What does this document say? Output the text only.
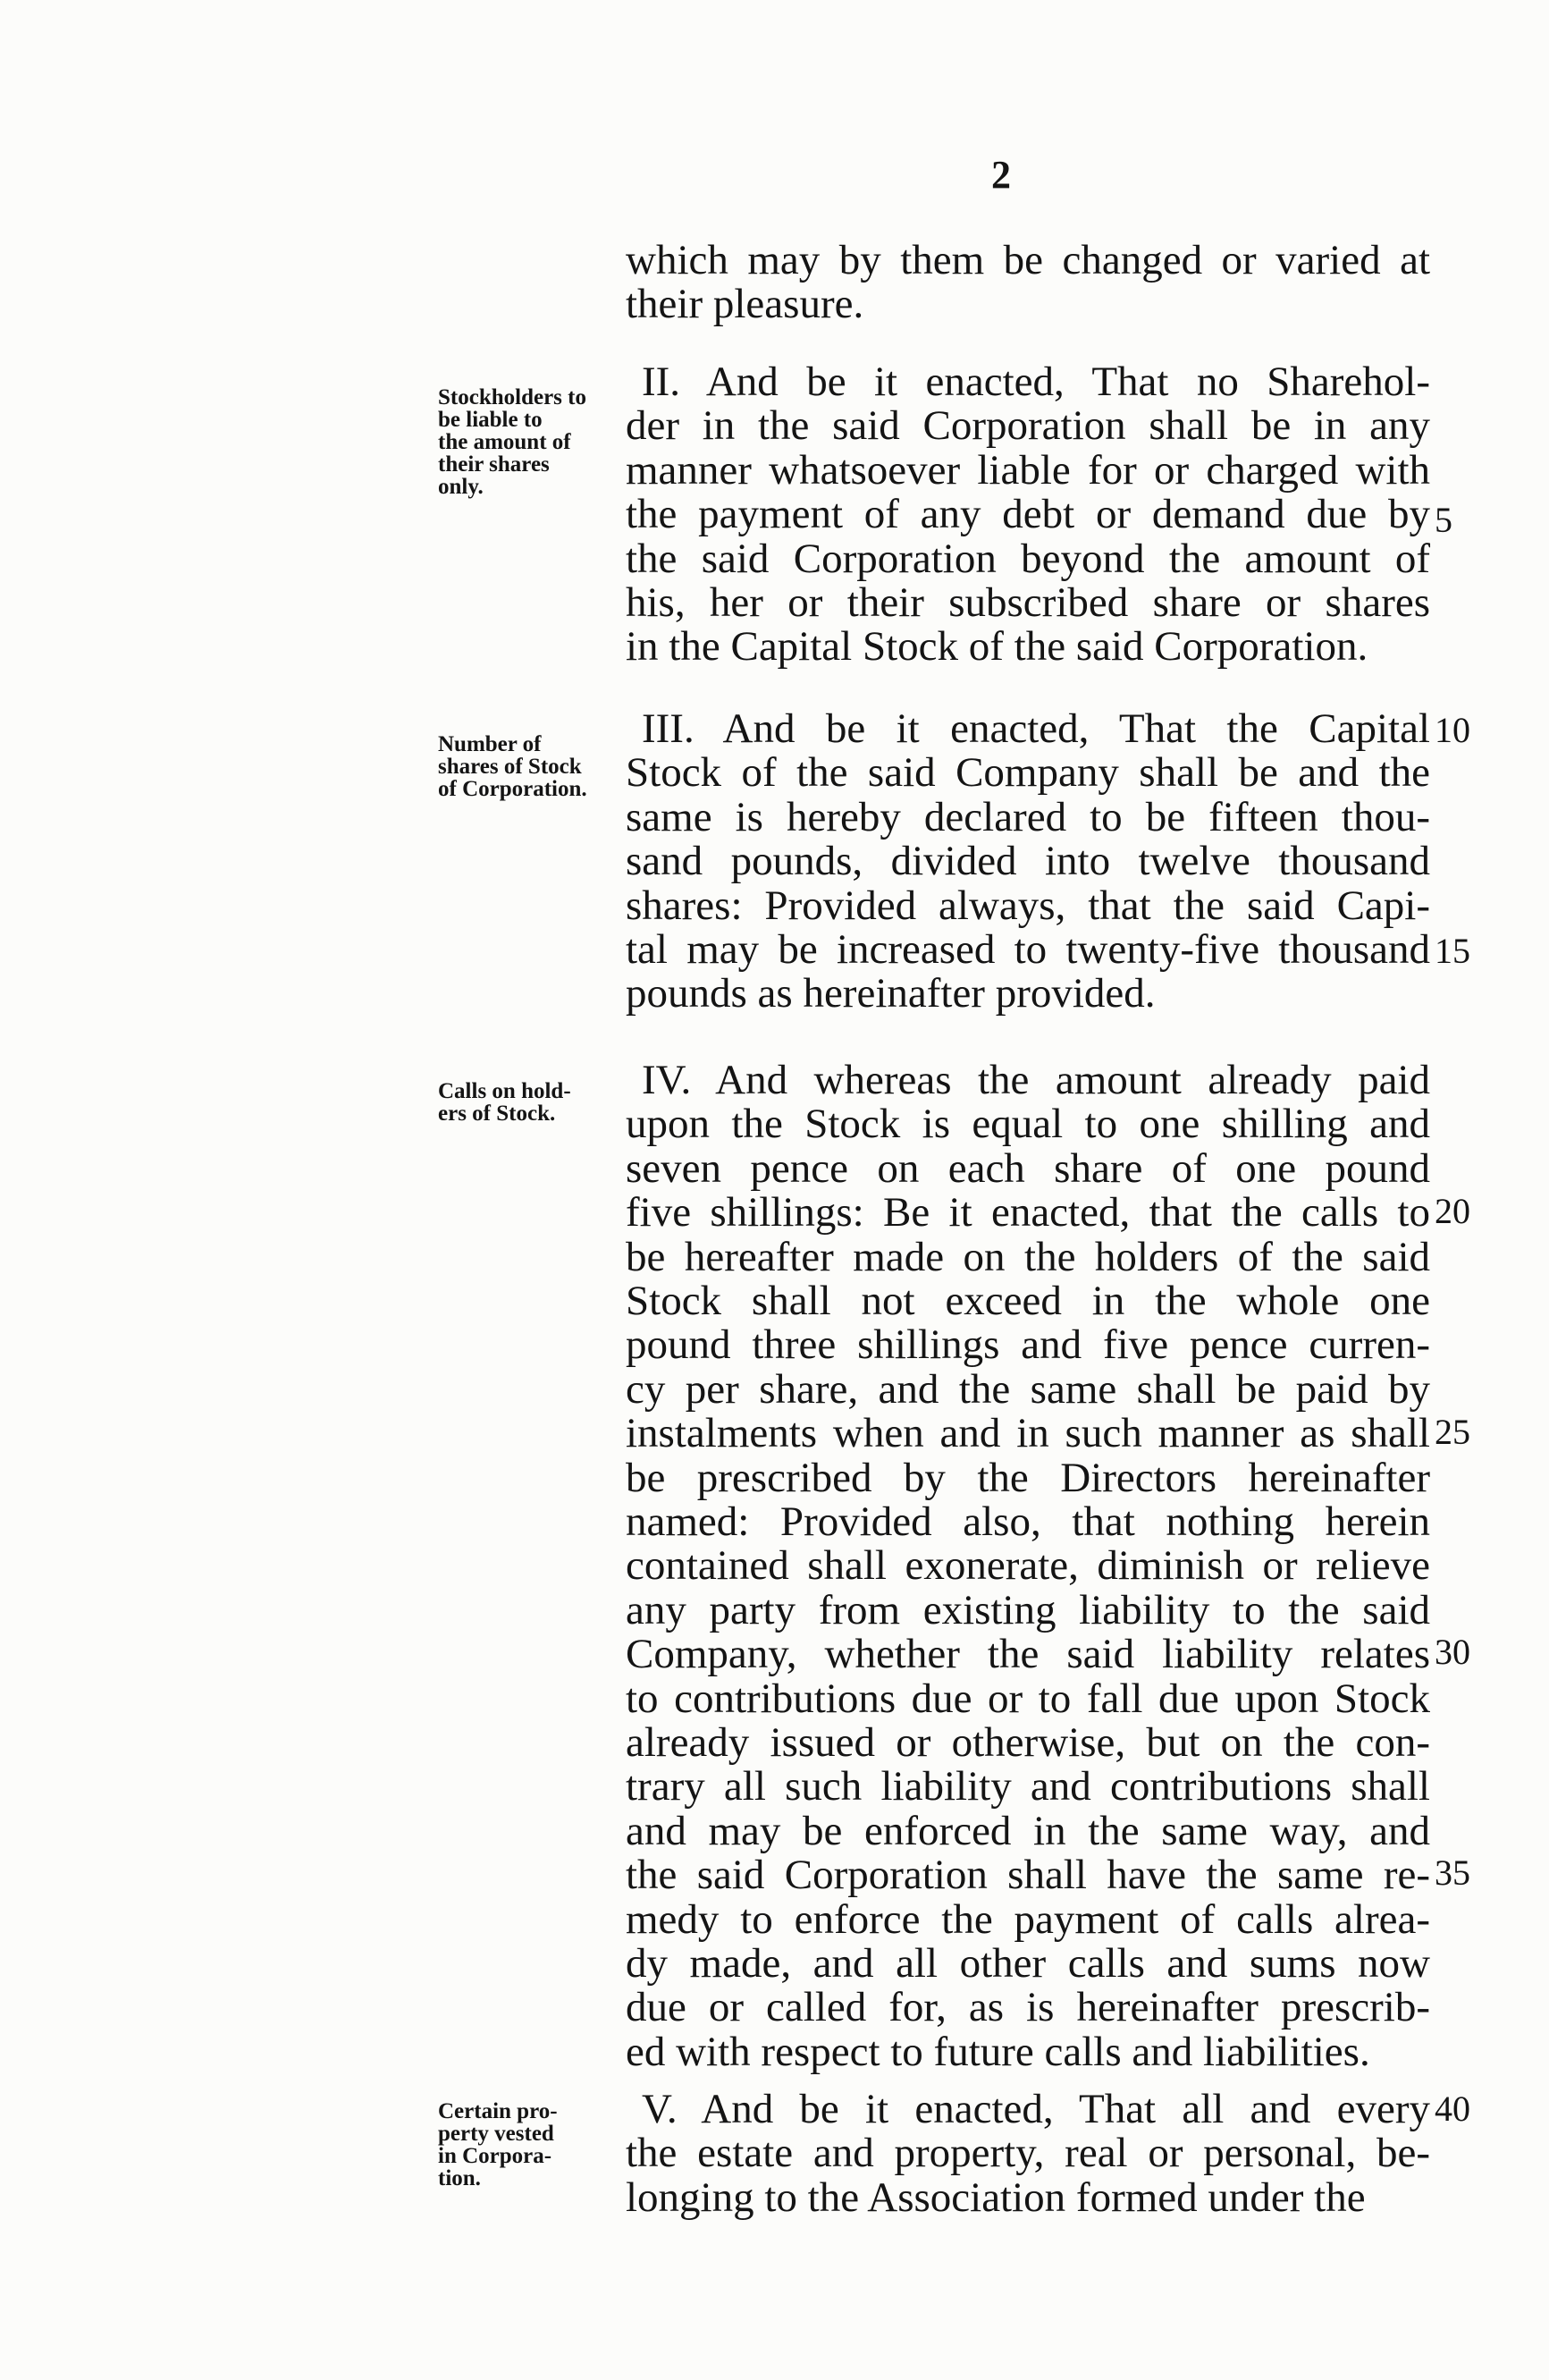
2
which may by them be changed or varied at
their pleasure.
II. And be it enacted, That no Sharehol-
der in the said Corporation shall be in any
manner whatsoever liable for or charged with
the payment of any debt or demand due by
the said Corporation beyond the amount of
his, her or their subscribed share or shares
in the Capital Stock of the said Corporation.
Stockholders to
be liable to
the amount of
their shares
only.
III. And be it enacted, That the Capital
Stock of the said Company shall be and the
same is hereby declared to be fifteen thou-
sand pounds, divided into twelve thousand
shares: Provided always, that the said Capi-
tal may be increased to twenty-five thousand
pounds as hereinafter provided.
Number of
shares of Stock
of Corporation.
IV. And whereas the amount already paid
upon the Stock is equal to one shilling and
seven pence on each share of one pound
five shillings: Be it enacted, that the calls to
be hereafter made on the holders of the said
Stock shall not exceed in the whole one
pound three shillings and five pence curren-
cy per share, and the same shall be paid by
instalments when and in such manner as shall
be prescribed by the Directors hereinafter
named: Provided also, that nothing herein
contained shall exonerate, diminish or relieve
any party from existing liability to the said
Company, whether the said liability relates
to contributions due or to fall due upon Stock
already issued or otherwise, but on the con-
trary all such liability and contributions shall
and may be enforced in the same way, and
the said Corporation shall have the same re-
medy to enforce the payment of calls alrea-
dy made, and all other calls and sums now
due or called for, as is hereinafter prescrib-
ed with respect to future calls and liabilities.
Calls on hold-
ers of Stock.
V. And be it enacted, That all and every
the estate and property, real or personal, be-
longing to the Association formed under the
Certain pro-
perty vested
in Corpora-
tion.
5
10
15
20
25
30
35
40
